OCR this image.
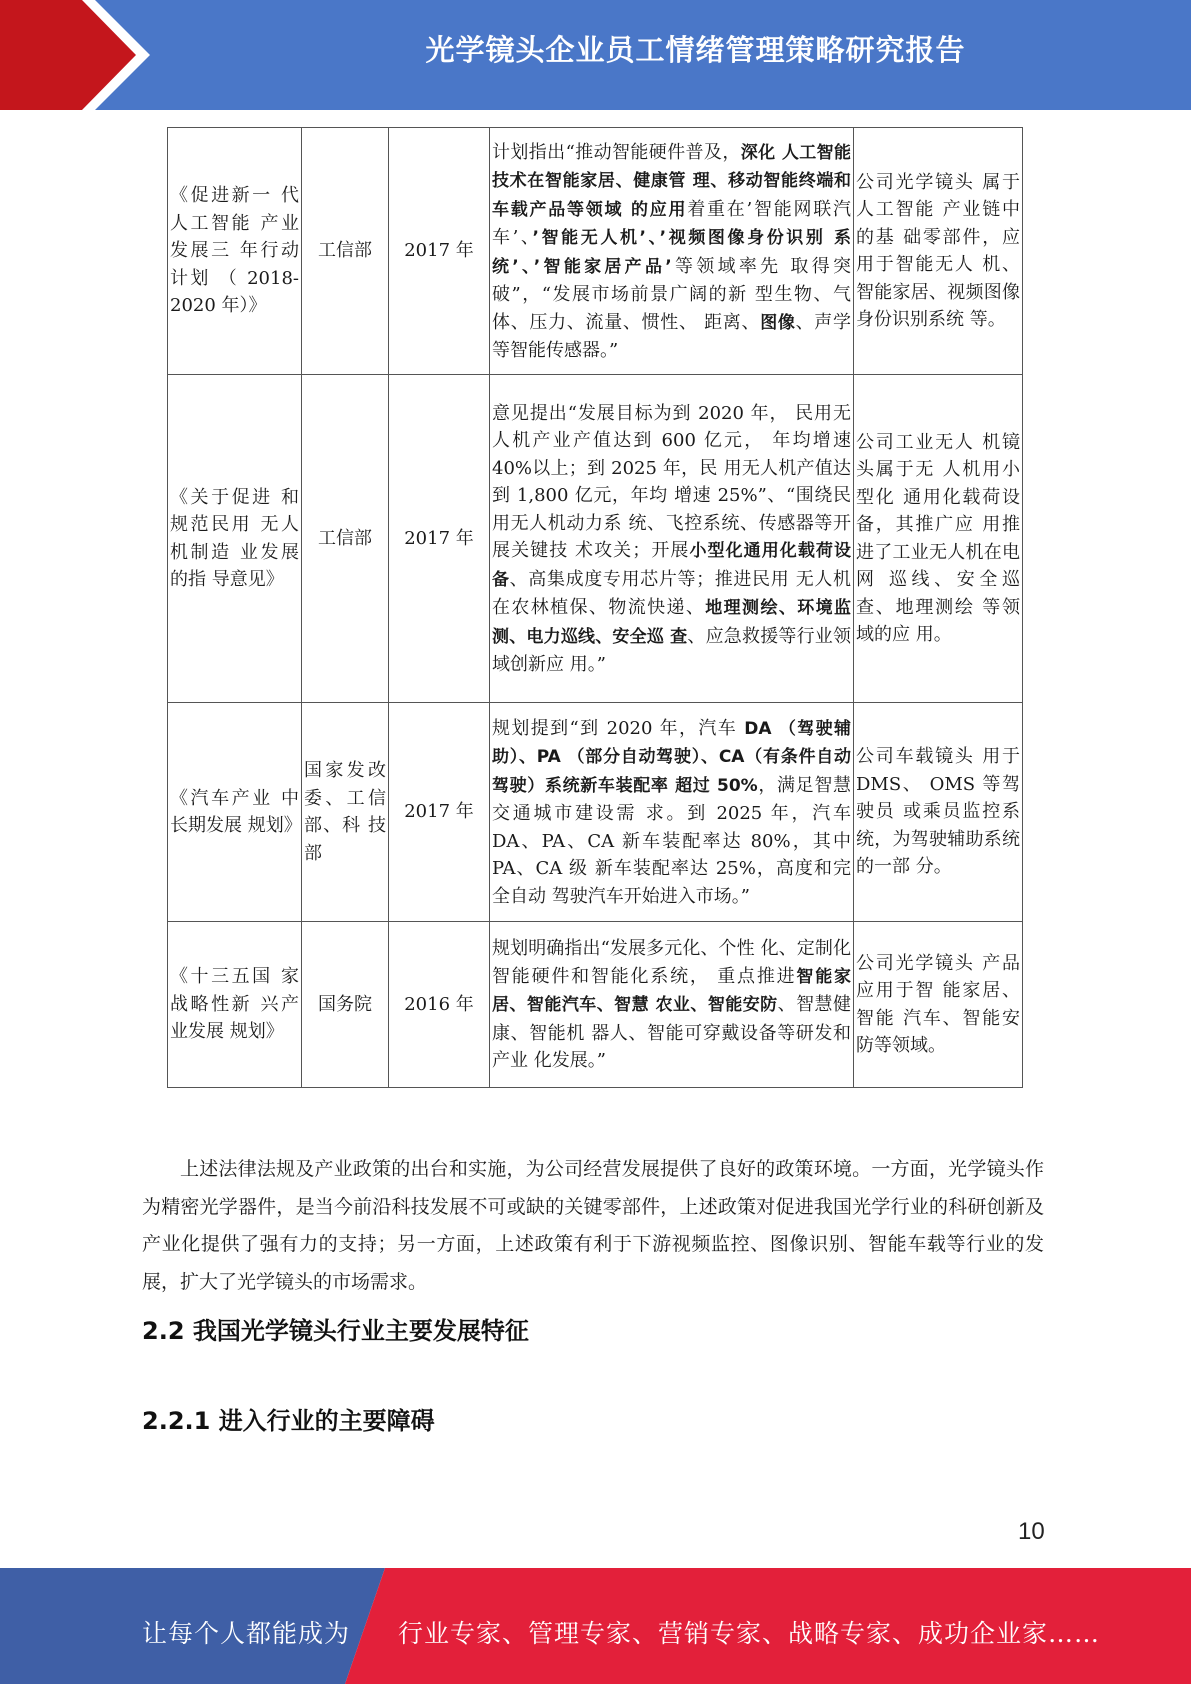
光学镜头企业员工情绪管理策略研究报告
《促进新一 代人工智能 产业发展三 年行动计划 （ 2018-2020 年）》	工信部	2017 年	计划指出“推动智能硬件普及，深化 人工智能技术在智能家居、健康管 理、移动智能终端和车载产品等领域 的应用着重在’智能网联汽车’、’智能无人机’、’视频图像身份识别 系统’、’智能家居产品’等领域率先 取得突破”，“发展市场前景广阔的新 型生物、气体、压力、流量、惯性、 距离、图像、声学等智能传感器。”	公司光学镜头 属于人工智能 产业链中的基 础零部件，应 用于智能无人 机、智能家居、视频图像 身份识别系统 等。
《关于促进 和规范民用 无人机制造 业发展的指 导意见》	工信部	2017 年	意见提出“发展目标为到 2020 年， 民用无人机产业产值达到 600 亿元， 年均增速 40%以上；到 2025 年，民 用无人机产值达到 1,800 亿元，年均 增速 25%”、“围绕民用无人机动力系 统、飞控系统、传感器等开展关键技 术攻关；开展小型化通用化载荷设 备、高集成度专用芯片等；推进民用 无人机在农林植保、物流快递、地理测绘、环境监测、电力巡线、安全巡 查、应急救援等行业领域创新应 用。”	公司工业无人 机镜头属于无 人机用小型化 通用化载荷设 备，其推广应 用推进了工业无人机在电网 巡线、安全巡 查、地理测绘 等领域的应 用。
《汽车产业 中长期发展 规划》	国家发改委、工信 部、科 技部	2017 年	规划提到“到 2020 年，汽车 DA （驾驶辅助）、PA （部分自动驾驶）、CA（有条件自动驾驶）系统新车装配率 超过 50%，满足智慧交通城市建设需 求。到 2025 年，汽车 DA、PA、CA 新车装配率达 80%，其中 PA、CA 级 新车装配率达 25%，高度和完全自动 驾驶汽车开始进入市场。”	公司车载镜头 用于 DMS、 OMS 等驾驶员 或乘员监控系 统，为驾驶辅助系统的一部 分。
《十三五国 家战略性新 兴产业发展 规划》	国务院	2016 年	规划明确指出“发展多元化、个性 化、定制化智能硬件和智能化系统， 重点推进智能家居、智能汽车、智慧 农业、智能安防、智慧健康、智能机 器人、智能可穿戴设备等研发和产业 化发展。”	公司光学镜头 产品应用于智 能家居、智能 汽车、智能安 防等领域。

上述法律法规及产业政策的出台和实施，为公司经营发展提供了良好的政策环境。一方面，光学镜头作为精密光学器件，是当今前沿科技发展不可或缺的关键零部件，上述政策对促进我国光学行业的科研创新及产业化提供了强有力的支持；另一方面，上述政策有利于下游视频监控、图像识别、智能车载等行业的发展，扩大了光学镜头的市场需求。

2.2 我国光学镜头行业主要发展特征
2.2.1 进入行业的主要障碍
10
让每个人都能成为 行业专家、管理专家、营销专家、战略专家、成功企业家……
